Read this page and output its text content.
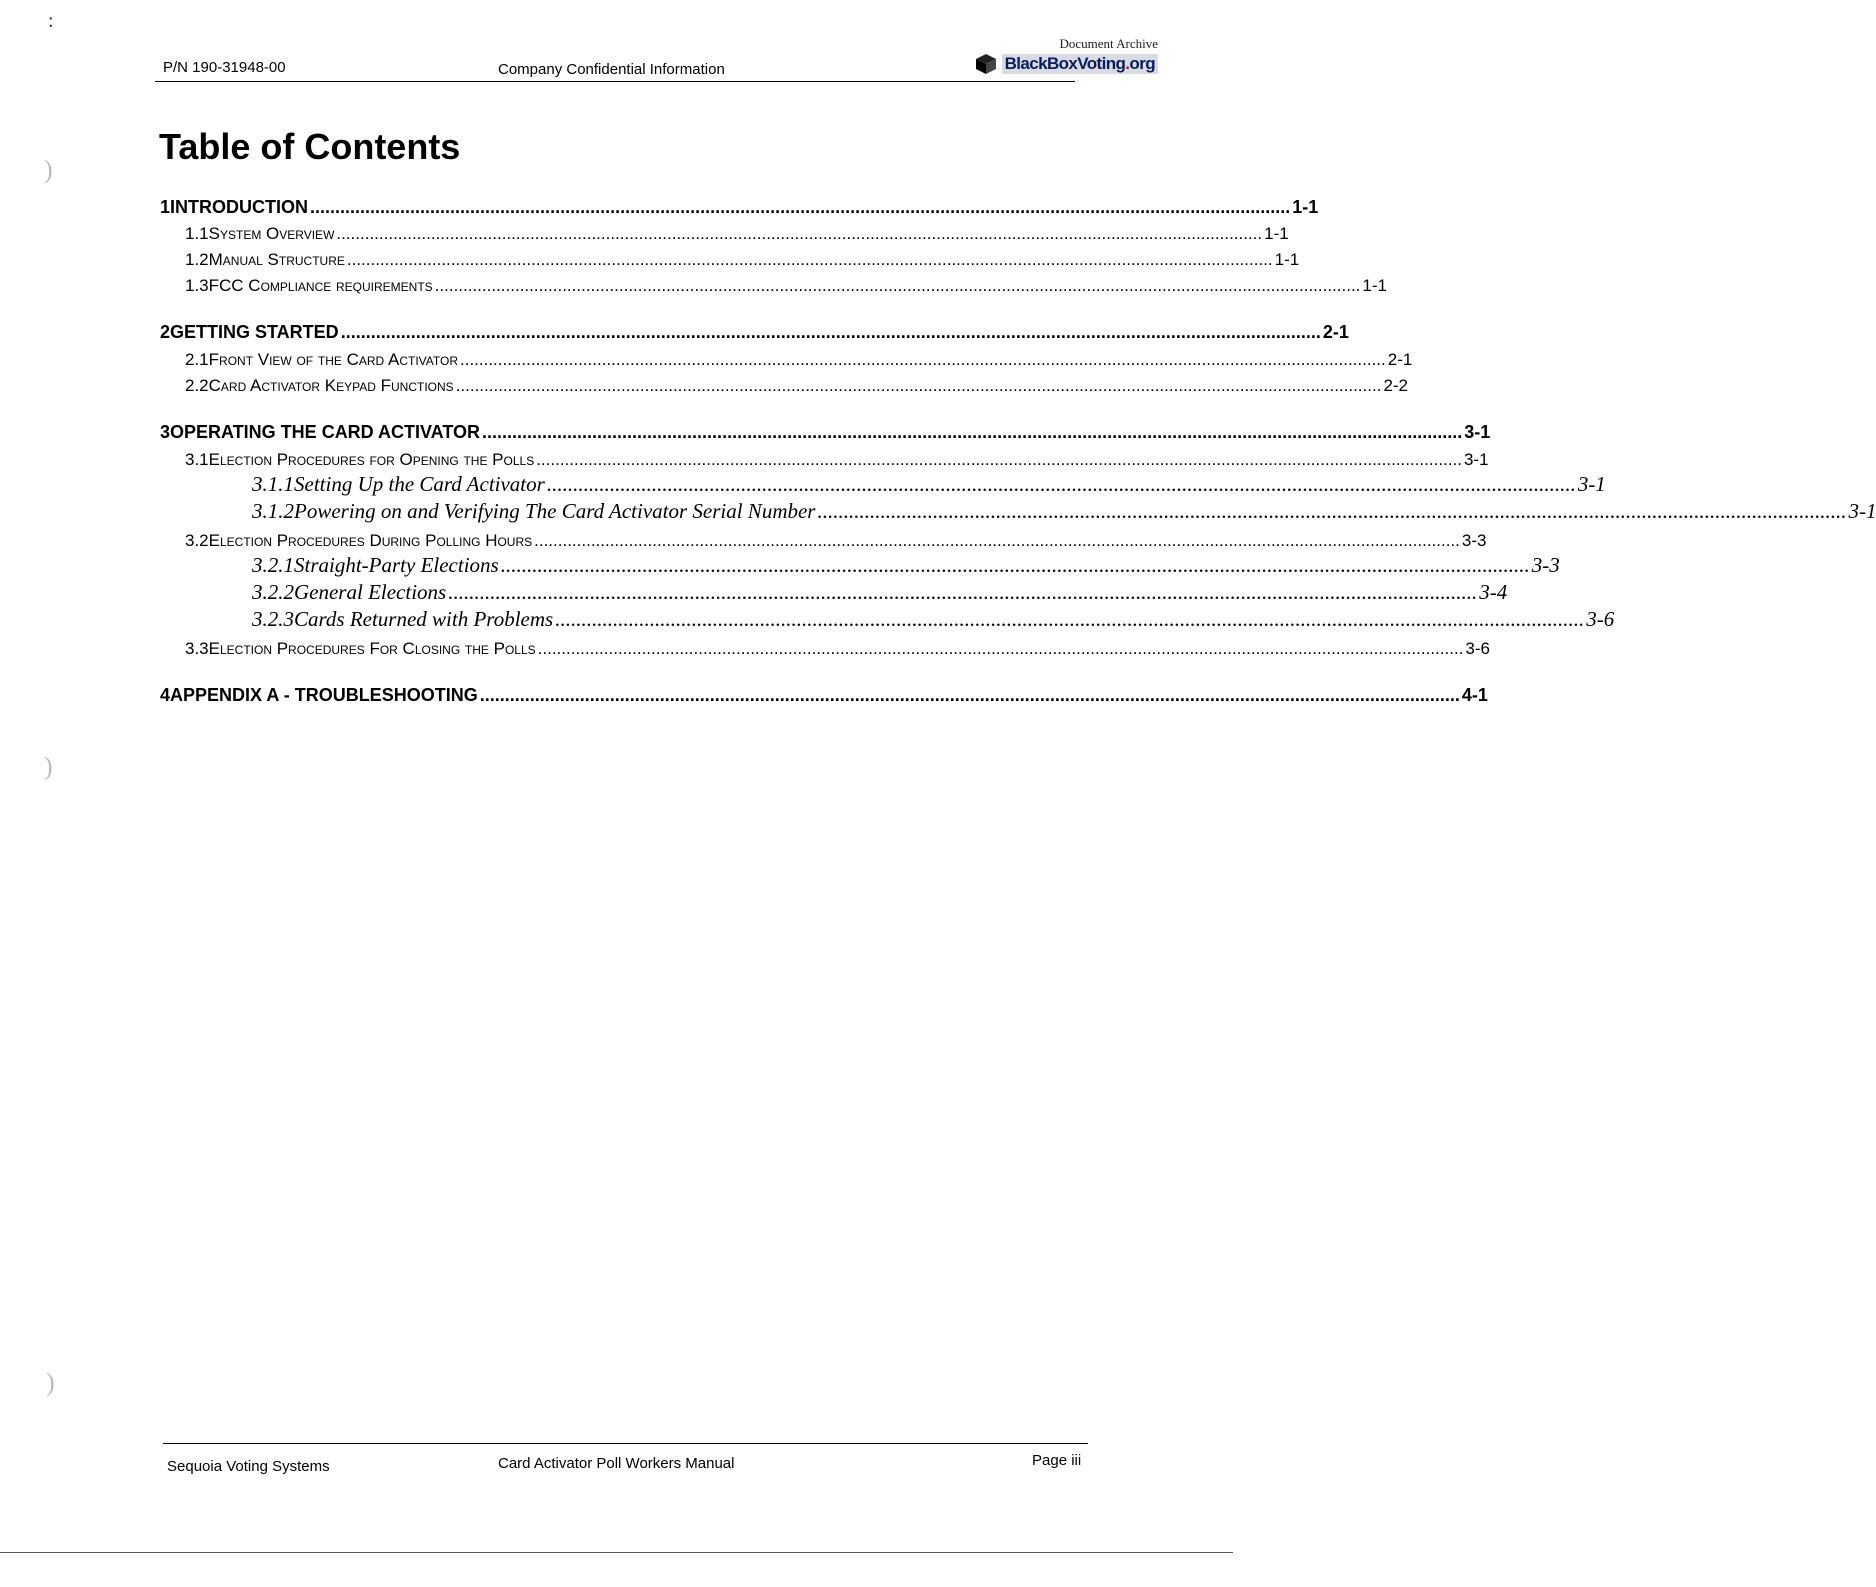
P/N 190-31948-00	Company Confidential Information
Document Archive
BlackBoxVoting.org
Table of Contents
1 INTRODUCTION .................................................................................................................................................................................................... 1-1
1.1 System Overview .................................................................................................................................................................................................... 1-1
1.2 Manual Structure .................................................................................................................................................................................................... 1-1
1.3 FCC Compliance requirements .................................................................................................................................................................................................... 1-1
2 GETTING STARTED .................................................................................................................................................................................................... 2-1
2.1 Front View of the Card Activator .................................................................................................................................................................................................... 2-1
2.2 Card Activator Keypad Functions .................................................................................................................................................................................................... 2-2
3 OPERATING THE CARD ACTIVATOR .................................................................................................................................................................................................... 3-1
3.1 Election Procedures for Opening the Polls .................................................................................................................................................................................................... 3-1
3.1.1 Setting Up the Card Activator .................................................................................................................................................................................................... 3-1
3.1.2 Powering on and Verifying The Card Activator Serial Number .................................................................................................................................................................................................... 3-1
3.2 Election Procedures During Polling Hours .................................................................................................................................................................................................... 3-3
3.2.1 Straight-Party Elections .................................................................................................................................................................................................... 3-3
3.2.2 General Elections .................................................................................................................................................................................................... 3-4
3.2.3 Cards Returned with Problems .................................................................................................................................................................................................... 3-6
3.3 Election Procedures For Closing the Polls .................................................................................................................................................................................................... 3-6
4 APPENDIX A - TROUBLESHOOTING .................................................................................................................................................................................................... 4-1
:
)
)
)
Sequoia Voting Systems	Card Activator Poll Workers Manual	Page iii
